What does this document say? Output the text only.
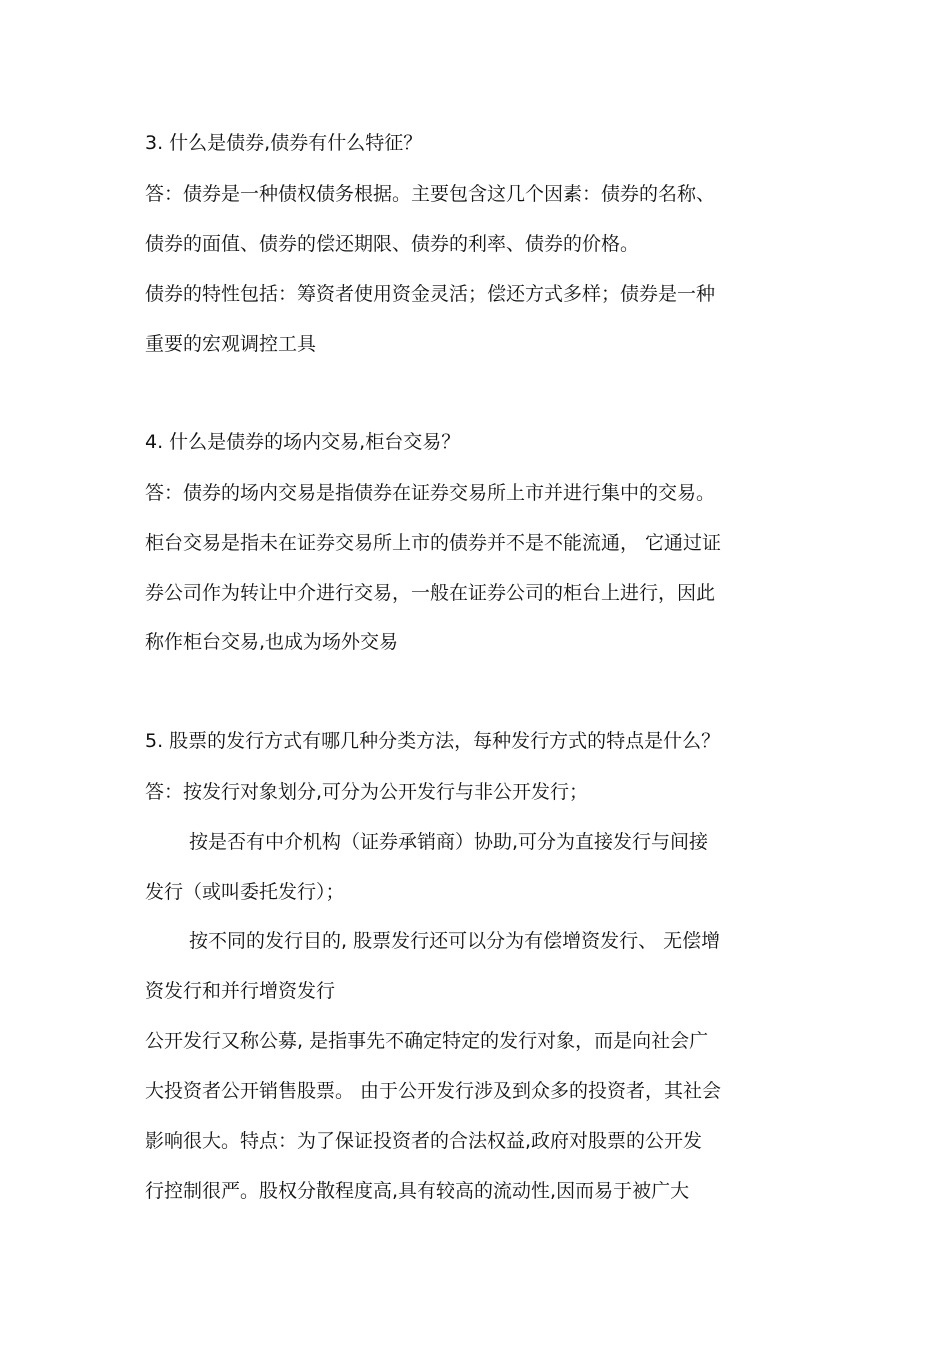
3. 什么是债券,债券有什么特征？
答：债券是一种债权债务根据。主要包含这几个因素：债券的名称、
债券的面值、债券的偿还期限、债券的利率、债券的价格。
债券的特性包括：筹资者使用资金灵活；偿还方式多样；债券是一种
重要的宏观调控工具
4. 什么是债券的场内交易,柜台交易？
答：债券的场内交易是指债券在证券交易所上市并进行集中的交易。
柜台交易是指未在证券交易所上市的债券并不是不能流通， 它通过证
券公司作为转让中介进行交易，一般在证券公司的柜台上进行，因此
称作柜台交易,也成为场外交易
5. 股票的发行方式有哪几种分类方法，每种发行方式的特点是什么？
答：按发行对象划分,可分为公开发行与非公开发行；
按是否有中介机构（证券承销商）协助,可分为直接发行与间接
发行（或叫委托发行）；
按不同的发行目的, 股票发行还可以分为有偿增资发行、 无偿增
资发行和并行增资发行
公开发行又称公募, 是指事先不确定特定的发行对象，而是向社会广
大投资者公开销售股票。 由于公开发行涉及到众多的投资者，其社会
影响很大。特点：为了保证投资者的合法权益,政府对股票的公开发
行控制很严。股权分散程度高,具有较高的流动性,因而易于被广大
